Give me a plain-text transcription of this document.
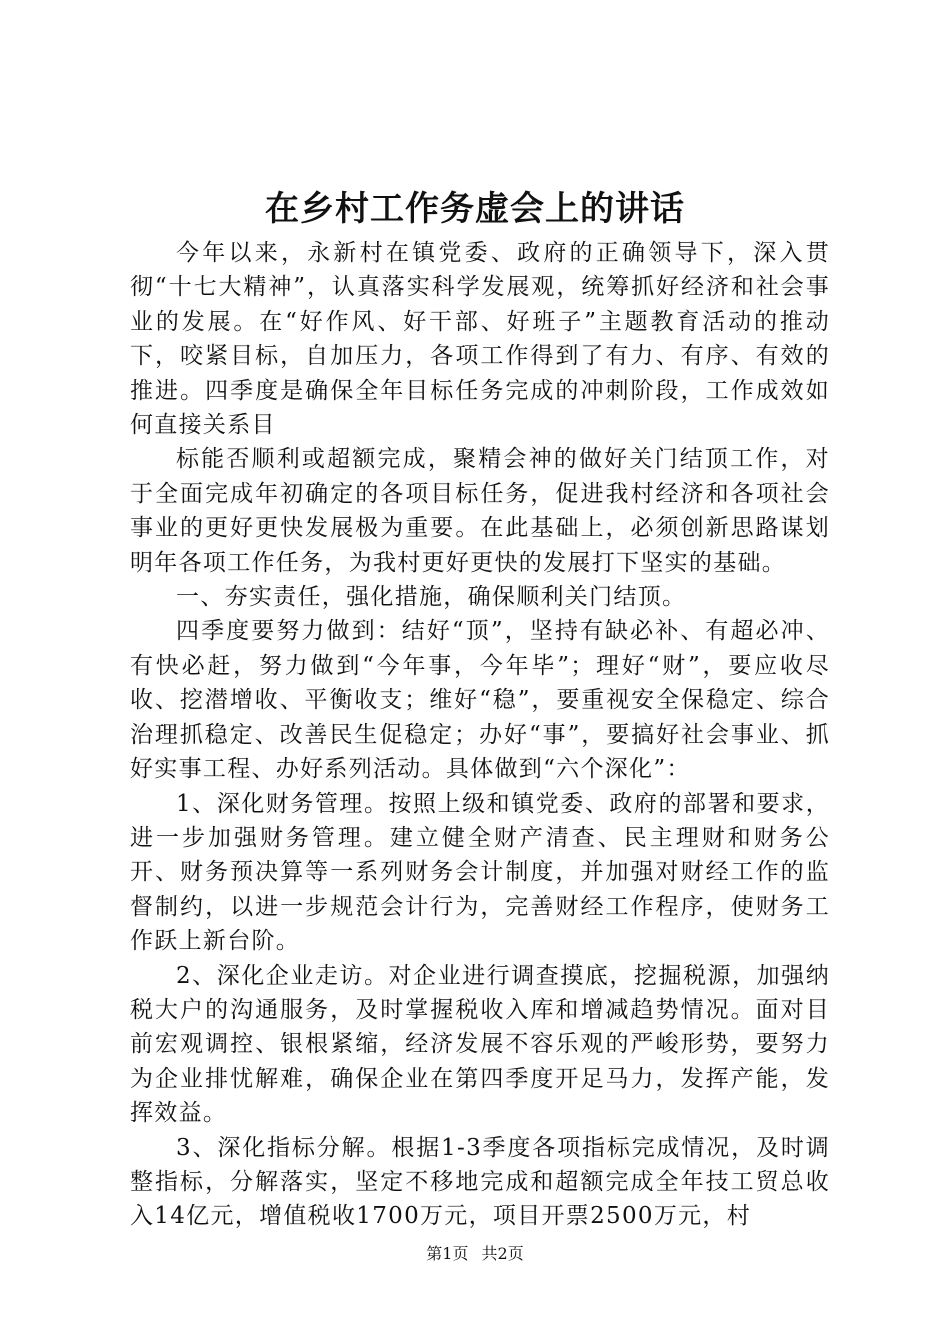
在乡村工作务虚会上的讲话

今年以来，永新村在镇党委、政府的正确领导下，深入贯彻“十七大精神”，认真落实科学发展观，统筹抓好经济和社会事业的发展。在“好作风、好干部、好班子”主题教育活动的推动下，咬紧目标，自加压力，各项工作得到了有力、有序、有效的推进。四季度是确保全年目标任务完成的冲刺阶段，工作成效如何直接关系目

标能否顺利或超额完成，聚精会神的做好关门结顶工作，对于全面完成年初确定的各项目标任务，促进我村经济和各项社会事业的更好更快发展极为重要。在此基础上，必须创新思路谋划明年各项工作任务，为我村更好更快的发展打下坚实的基础。

一、夯实责任，强化措施，确保顺利关门结顶。

四季度要努力做到：结好“顶”，坚持有缺必补、有超必冲、有快必赶，努力做到“今年事，今年毕”；理好“财”，要应收尽收、挖潜增收、平衡收支；维好“稳”，要重视安全保稳定、综合治理抓稳定、改善民生促稳定；办好“事”，要搞好社会事业、抓好实事工程、办好系列活动。具体做到“六个深化”：

1、深化财务管理。按照上级和镇党委、政府的部署和要求，进一步加强财务管理。建立健全财产清查、民主理财和财务公开、财务预决算等一系列财务会计制度，并加强对财经工作的监督制约，以进一步规范会计行为，完善财经工作程序，使财务工作跃上新台阶。

2、深化企业走访。对企业进行调查摸底，挖掘税源，加强纳税大户的沟通服务，及时掌握税收入库和增减趋势情况。面对目前宏观调控、银根紧缩，经济发展不容乐观的严峻形势，要努力为企业排忧解难，确保企业在第四季度开足马力，发挥产能，发挥效益。

3、深化指标分解。根据1-3季度各项指标完成情况，及时调整指标，分解落实，坚定不移地完成和超额完成全年技工贸总收入14亿元，增值税收1700万元，项目开票2500万元，村

第1页 共2页
